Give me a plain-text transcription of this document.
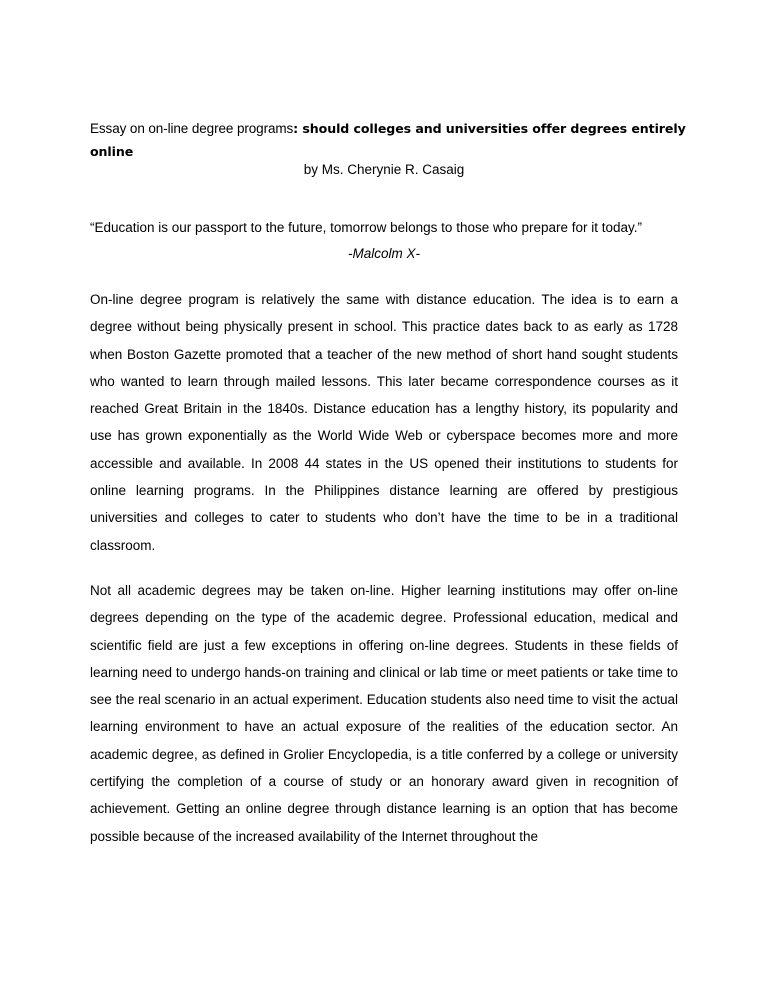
Essay on on-line degree programs: should colleges and universities offer degrees entirely online
by Ms. Cherynie R. Casaig
“Education is our passport to the future, tomorrow belongs to those who prepare for it today.”
-Malcolm X-

On-line degree program is relatively the same with distance education. The idea is to earn a degree without being physically present in school. This practice dates back to as early as 1728 when Boston Gazette promoted that a teacher of the new method of short hand sought students who wanted to learn through mailed lessons. This later became correspondence courses as it reached Great Britain in the 1840s. Distance education has a lengthy history, its popularity and use has grown exponentially as the World Wide Web or cyberspace becomes more and more accessible and available. In 2008 44 states in the US opened their institutions to students for online learning programs. In the Philippines distance learning are offered by prestigious universities and colleges to cater to students who don’t have the time to be in a traditional classroom.

Not all academic degrees may be taken on-line. Higher learning institutions may offer on-line degrees depending on the type of the academic degree. Professional education, medical and scientific field are just a few exceptions in offering on-line degrees. Students in these fields of learning need to undergo hands-on training and clinical or lab time or meet patients or take time to see the real scenario in an actual experiment. Education students also need time to visit the actual learning environment to have an actual exposure of the realities of the education sector. An academic degree, as defined in Grolier Encyclopedia, is a title conferred by a college or university certifying the completion of a course of study or an honorary award given in recognition of achievement. Getting an online degree through distance learning is an option that has become possible because of the increased availability of the Internet throughout the
